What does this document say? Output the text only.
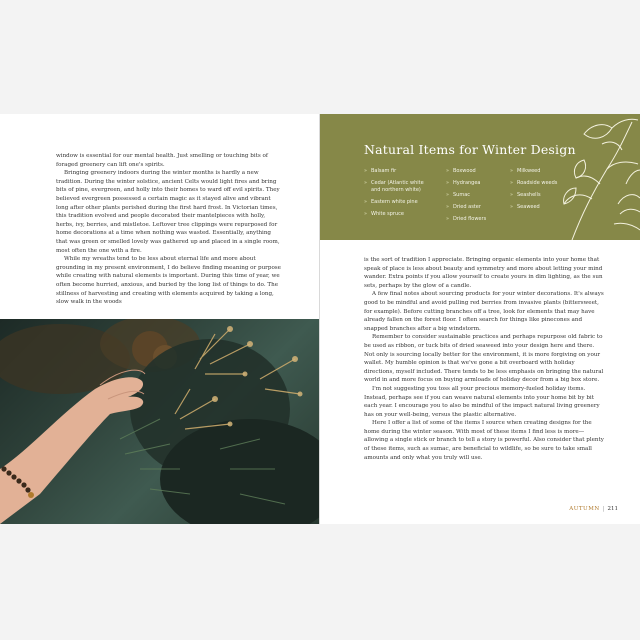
window is essential for our mental health. Just smelling or touching bits of foraged greenery can lift one's spirits.

Bringing greenery indoors during the winter months is hardly a new tradition. During the winter solstice, ancient Celts would light fires and bring bits of pine, evergreen, and holly into their homes to ward off evil spirits. They believed evergreen possessed a certain magic as it stayed alive and vibrant long after other plants perished during the first hard frost. In Victorian times, this tradition evolved and people decorated their mantelpieces with holly, herbs, ivy, berries, and mistletoe. Leftover tree clippings were repurposed for home decorations at a time when nothing was wasted. Essentially, anything that was green or smelled lovely was gathered up and placed in a single room, most often the one with a fire.

While my wreaths tend to be less about eternal life and more about grounding in my present environment, I do believe finding meaning or purpose while creating with natural elements is important. During this time of year, we often become hurried, anxious, and buried by the long list of things to do. The stillness of harvesting and creating with elements acquired by taking a long, slow walk in the woods

Natural Items for Winter Design
» Balsam fir
» Cedar (Atlantic white and northern white)
» Eastern white pine
» White spruce
» Boxwood
» Hydrangea
» Sumac
» Dried aster
» Dried flowers
» Milkweed
» Roadside weeds
» Seashells
» Seaweed

is the sort of tradition I appreciate. Bringing organic elements into your home that speak of place is less about beauty and symmetry and more about letting your mind wander. Extra points if you allow yourself to create yours in dim lighting, as the sun sets, perhaps by the glow of a candle.

A few final notes about sourcing products for your winter decorations. It's always good to be mindful and avoid pulling red berries from invasive plants (bittersweet, for example). Before cutting branches off a tree, look for elements that may have already fallen on the forest floor. I often search for things like pinecones and snapped branches after a big windstorm.

Remember to consider sustainable practices and perhaps repurpose old fabric to be used as ribbon, or tuck bits of dried seaweed into your design here and there. Not only is sourcing locally better for the environment, it is more forgiving on your wallet. My humble opinion is that we've gone a bit overboard with holiday directions, myself included. There tends to be less emphasis on bringing the natural world in and more focus on buying armloads of holiday decor from a big box store.

I'm not suggesting you toss all your precious memory-fueled holiday items. Instead, perhaps see if you can weave natural elements into your home bit by bit each year. I encourage you to also be mindful of the impact natural living greenery has on your well-being, versus the plastic alternative.

Here I offer a list of some of the items I source when creating designs for the home during the winter season. With most of these items I find less is more—allowing a single stick or branch to tell a story is powerful. Also consider that plenty of these items, such as sumac, are beneficial to wildlife, so be sure to take small amounts and only what you truly will use.

AUTUMN | 211
